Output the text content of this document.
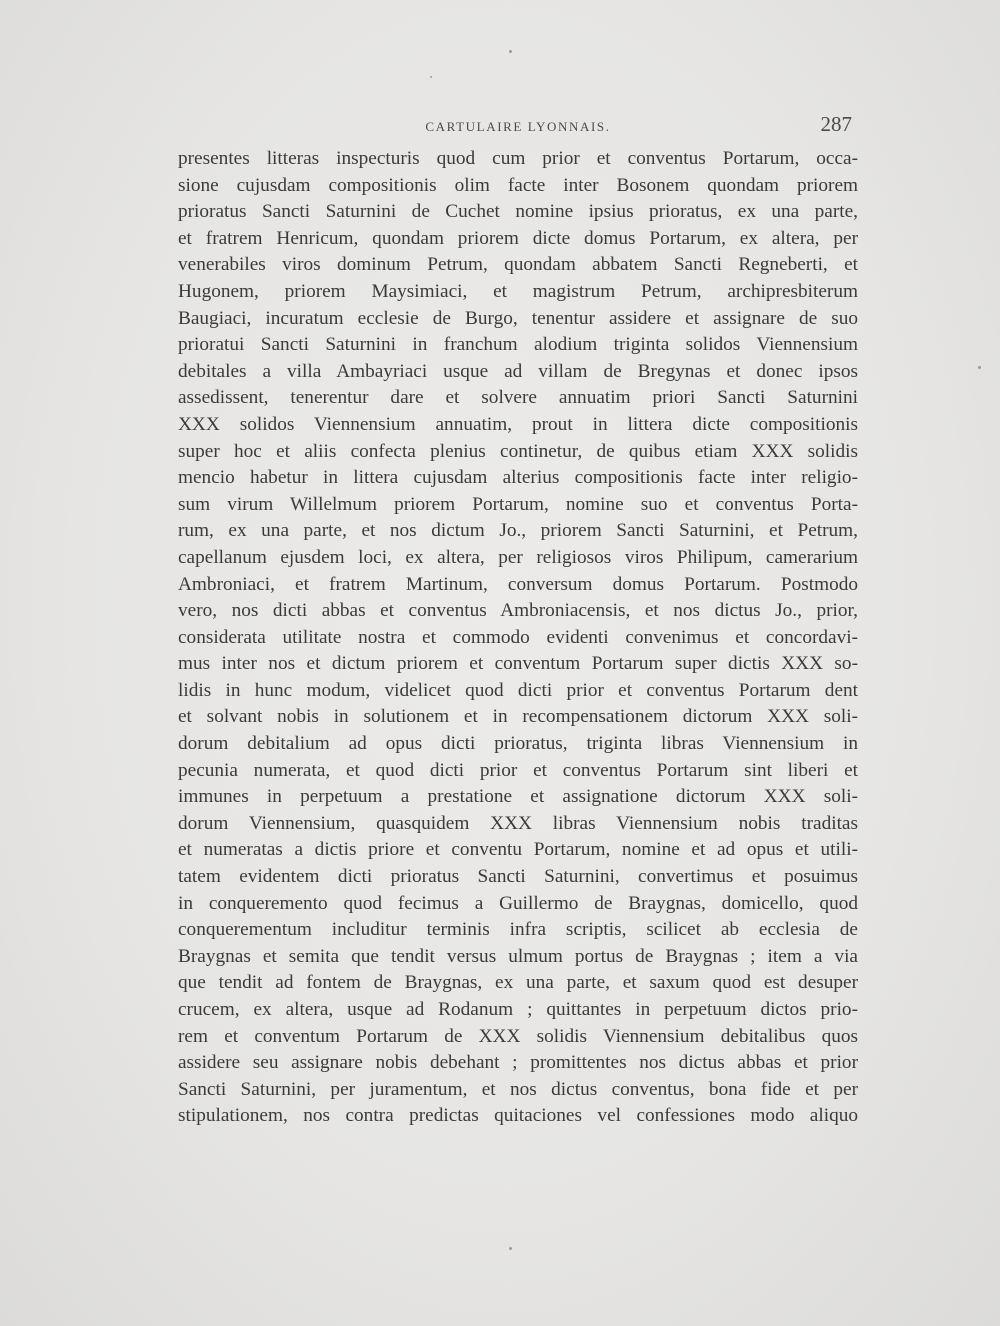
CARTULAIRE LYONNAIS.	287
presentes litteras inspecturis quod cum prior et conventus Portarum, occa-
sione cujusdam compositionis olim facte inter Bosonem quondam priorem
prioratus Sancti Saturnini de Cuchet nomine ipsius prioratus, ex una parte,
et fratrem Henricum, quondam priorem dicte domus Portarum, ex altera, per
venerabiles viros dominum Petrum, quondam abbatem Sancti Regneberti, et
Hugonem, priorem Maysimiaci, et magistrum Petrum, archipresbiterum
Baugiaci, incuratum ecclesie de Burgo, tenentur assidere et assignare de suo
prioratui Sancti Saturnini in franchum alodium triginta solidos Viennensium
debitales a villa Ambayriaci usque ad villam de Bregynas et donec ipsos
assedissent, tenerentur dare et solvere annuatim priori Sancti Saturnini
XXX solidos Viennensium annuatim, prout in littera dicte compositionis
super hoc et aliis confecta plenius continetur, de quibus etiam XXX solidis
mencio habetur in littera cujusdam alterius compositionis facte inter religio-
sum virum Willelmum priorem Portarum, nomine suo et conventus Porta-
rum, ex una parte, et nos dictum Jo., priorem Sancti Saturnini, et Petrum,
capellanum ejusdem loci, ex altera, per religiosos viros Philipum, camerarium
Ambroniaci, et fratrem Martinum, conversum domus Portarum. Postmodo
vero, nos dicti abbas et conventus Ambroniacensis, et nos dictus Jo., prior,
considerata utilitate nostra et commodo evidenti convenimus et concordavi-
mus inter nos et dictum priorem et conventum Portarum super dictis XXX so-
lidis in hunc modum, videlicet quod dicti prior et conventus Portarum dent
et solvant nobis in solutionem et in recompensationem dictorum XXX soli-
dorum debitalium ad opus dicti prioratus, triginta libras Viennensium in
pecunia numerata, et quod dicti prior et conventus Portarum sint liberi et
immunes in perpetuum a prestatione et assignatione dictorum XXX soli-
dorum Viennensium, quasquidem XXX libras Viennensium nobis traditas
et numeratas a dictis priore et conventu Portarum, nomine et ad opus et utili-
tatem evidentem dicti prioratus Sancti Saturnini, convertimus et posuimus
in conqueremento quod fecimus a Guillermo de Braygnas, domicello, quod
conquerementum includitur terminis infra scriptis, scilicet ab ecclesia de
Braygnas et semita que tendit versus ulmum portus de Braygnas ; item a via
que tendit ad fontem de Braygnas, ex una parte, et saxum quod est desuper
crucem, ex altera, usque ad Rodanum ; quittantes in perpetuum dictos prio-
rem et conventum Portarum de XXX solidis Viennensium debitalibus quos
assidere seu assignare nobis debehant ; promittentes nos dictus abbas et prior
Sancti Saturnini, per juramentum, et nos dictus conventus, bona fide et per
stipulationem, nos contra predictas quitaciones vel confessiones modo aliquo
